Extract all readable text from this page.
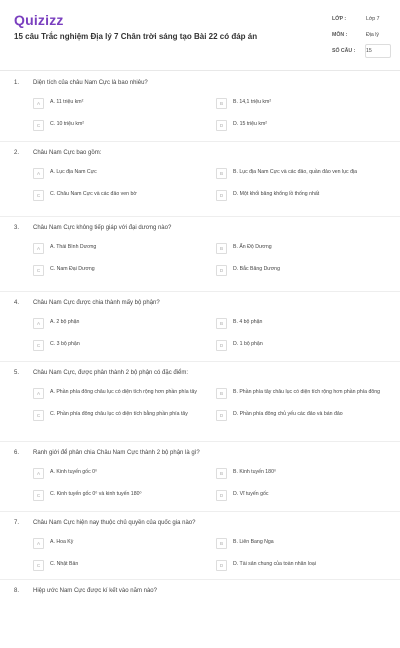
Quizizz
15 câu Trắc nghiệm Địa lý 7 Chân trời sáng tạo Bài 22 có đáp án
LỚP :	Lớp 7
MÔN :	Địa lý
SỐ CÂU : 15
1. Diện tích của châu Nam Cực là bao nhiêu?
A	A. 11 triệu km²	B	B. 14,1 triệu km²
C	C. 10 triệu km²	D	D. 15 triệu km²
2. Châu Nam Cực bao gồm:
A	A. Lục địa Nam Cực	B	B. Lục địa Nam Cực và các đảo, quần đảo ven lục địa
C	C. Châu Nam Cực và các đảo ven bờ	D	D. Một khối băng khổng lồ thống nhất
3. Châu Nam Cực không tiếp giáp với đại dương nào?
A	A. Thái Bình Dương	B	B. Ấn Độ Dương
C	C. Nam Đại Dương	D	D. Bắc Băng Dương
4. Châu Nam Cực được chia thành mấy bộ phận?
A	A. 2 bộ phận	B	B. 4 bộ phận
C	C. 3 bộ phận	D	D. 1 bộ phận
5. Châu Nam Cực, được phân thành 2 bộ phận có đặc điểm:
A	A. Phần phía đông châu lục có diện tích rộng hơn phần phía tây	B	B. Phần phía tây châu lục có diện tích rộng hơn phần phía đông
C	C. Phần phía đông châu lục có diện tích bằng phần phía tây	D	D. Phần phía đông chủ yếu các đảo và bán đảo
6. Ranh giới để phân chia Châu Nam Cực thành 2 bộ phận là gì?
A	A. Kinh tuyến gốc 0⁰	B	B. Kinh tuyến 180⁰
C	C. Kinh tuyến gốc 0⁰ và kinh tuyến 180⁰	D	D. Vĩ tuyến gốc
7. Châu Nam Cực hiện nay thuộc chủ quyền của quốc gia nào?
A	A. Hoa Kỳ	B	B. Liên Bang Nga
C	C. Nhật Bản	D	D. Tài sản chung của toàn nhân loại
8. Hiệp ước Nam Cực được kí kết vào năm nào?
